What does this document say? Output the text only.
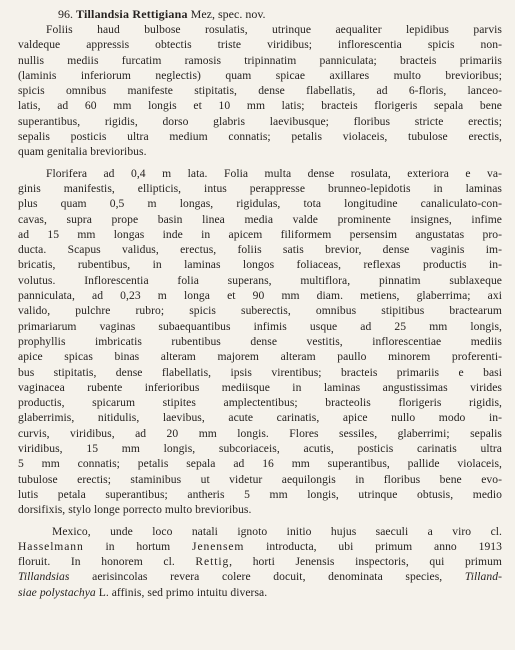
96. Tillandsia Rettigiana Mez, spec. nov.
Foliis haud bulbose rosulatis, utrinque aequaliter lepidibus parvis
valdeque appressis obtectis triste viridibus; inflorescentia spicis non-
nullis mediis furcatim ramosis tripinnatim panniculata; bracteis primariis
(laminis inferiorum neglectis) quam spicae axillares multo brevioribus;
spicis omnibus manifeste stipitatis, dense flabellatis, ad 6-floris, lanceo-
latis, ad 60 mm longis et 10 mm latis; bracteis florigeris sepala bene
superantibus, rigidis, dorso glabris laevibusque; floribus stricte erectis;
sepalis posticis ultra medium connatis; petalis violaceis, tubulose erectis,
quam genitalia brevioribus.
Florifera ad 0,4 m lata. Folia multa dense rosulata, exteriora e va-
ginis manifestis, ellipticis, intus perappresse brunneo-lepidotis in laminas
plus quam 0,5 m longas, rigidulas, tota longitudine canaliculato-con-
cavas, supra prope basin linea media valde prominente insignes, infime
ad 15 mm longas inde in apicem filiformem persensim angustatas pro-
ducta. Scapus validus, erectus, foliis satis brevior, dense vaginis im-
bricatis, rubentibus, in laminas longos foliaceas, reflexas productis in-
volutus. Inflorescentia folia superans, multiflora, pinnatim sublaxeque
panniculata, ad 0,23 m longa et 90 mm diam. metiens, glaberrima; axi
valido, pulchre rubro; spicis suberectis, omnibus stipitibus bractearum
primariarum vaginas subaequantibus infimis usque ad 25 mm longis,
prophyllis imbricatis rubentibus dense vestitis, inflorescentiae mediis
apice spicas binas alteram majorem alteram paullo minorem proferenti-
bus stipitatis, dense flabellatis, ipsis virentibus; bracteis primariis e basi
vaginacea rubente inferioribus mediisque in laminas angustissimas virides
productis, spicarum stipites amplectentibus; bracteolis florigeris rigidis,
glaberrimis, nitidulis, laevibus, acute carinatis, apice nullo modo in-
curvis, viridibus, ad 20 mm longis. Flores sessiles, glaberrimi; sepalis
viridibus, 15 mm longis, subcoriaceis, acutis, posticis carinatis ultra
5 mm connatis; petalis sepala ad 16 mm superantibus, pallide violaceis,
tubulose erectis; staminibus ut videtur aequilongis in floribus bene evo-
lutis petala superantibus; antheris 5 mm longis, utrinque obtusis, medio
dorsifixis, stylo longe porrecto multo brevioribus.
Mexico, unde loco natali ignoto initio hujus saeculi a viro cl.
Hasselmann in hortum Jenensem introducta, ubi primum anno 1913
floruit. In honorem cl. Rettig, horti Jenensis inspectoris, qui primum
Tillandsias aerisincolas revera colere docuit, denominata species, Tilland-
siae polystachya L. affinis, sed primo intuitu diversa.
